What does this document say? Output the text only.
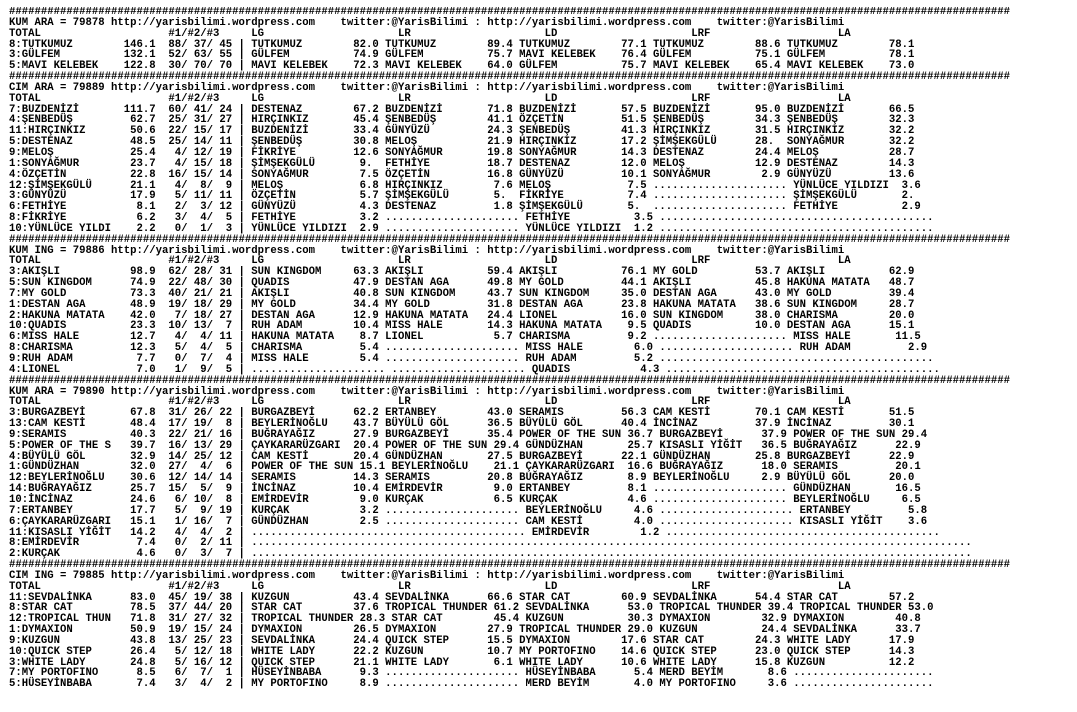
#############################################################################################################################################################
KUM ARA = 79878 http://yarisbilimi.wordpress.com    twitter:@YarisBilimi : http://yarisbilimi.wordpress.com    twitter:@YarisBilimi
TOTAL                    #1/#2/#3     LG                     LR                     LD                     LRF                    LA
8:TUTKUMUZ        146.1  88/ 37/ 45 | TUTKUMUZ        82.0 TUTKUMUZ        89.4 TUTKUMUZ        77.1 TUTKUMUZ        88.6 TUTKUMUZ        78.1
3:GÜLFEM          132.1  52/ 63/ 55 | GÜLFEM          74.9 GÜLFEM          75.7 MAVI KELEBEK    76.4 GÜLFEM          75.1 GÜLFEM          78.1
5:MAVI KELEBEK    122.8  30/ 70/ 70 | MAVI KELEBEK    72.3 MAVI KELEBEK    64.0 GÜLFEM          75.7 MAVI KELEBEK    65.4 MAVI KELEBEK    73.0
#############################################################################################################################################################
CIM ARA = 79889 http://yarisbilimi.wordpress.com    twitter:@YarisBilimi : http://yarisbilimi.wordpress.com    twitter:@YarisBilimi
TOTAL                    #1/#2/#3     LG                     LR                     LD                     LRF                    LA
7:BUZDENİZİ       111.7  60/ 41/ 24 | DESTENAZ        67.2 BUZDENİZİ       71.8 BUZDENİZİ       57.5 BUZDENİZİ       95.0 BUZDENİZİ       66.5
4:ŞENBEDÜŞ         62.7  25/ 31/ 27 | HIRÇINKIZ       45.4 ŞENBEDÜŞ        41.1 ÖZÇETİN         51.5 ŞENBEDÜŞ        34.3 ŞENBEDÜŞ        32.3
11:HIRÇINKIZ       50.6  22/ 15/ 17 | BUZDENİZİ       33.4 GÜNYÜZÜ         24.3 ŞENBEDÜŞ        41.3 HIRÇINKIZ       31.5 HIRÇINKIZ       32.2
5:DESTENAZ         48.5  25/ 14/ 11 | ŞENBEDÜŞ        30.8 MELOŞ           21.9 HIRÇINKIZ       17.2 ŞİMŞEKGÜLÜ      28.  SONYAĞMUR       32.2
9:MELOŞ            25.4   4/ 12/ 19 | FİKRİYE         12.6 SONYAĞMUR       19.8 SONYAĞMUR       14.3 DESTENAZ        24.4 MELOŞ           28.7
1:SONYAĞMUR        23.7   4/ 15/ 18 | ŞİMŞEKGÜLÜ       9.  FETHİYE         18.7 DESTENAZ        12.0 MELOŞ           12.9 DESTENAZ        14.3
4:ÖZÇETİN          22.8  16/ 15/ 14 | SONYAĞMUR        7.5 ÖZÇETİN         16.8 GÜNYÜZÜ         10.1 SONYAĞMUR        2.9 GÜNYÜZÜ         13.6
12:ŞİMŞEKGÜLÜ      21.1   4/  8/  9 | MELOŞ            6.8 HIRÇINKIZ        7.6 MELOŞ            7.5 ..................... YÜNLÜCE YILDIZI  3.6
3:GÜNYÜZÜ          17.9   5/ 11/ 11 | ÖZÇETİN          5.7 ŞİMŞEKGÜLÜ       5.  FİKRİYE          7.4 ..................... ŞİMŞEKGÜLÜ       2.
6:FETHİYE           8.1   2/  3/ 12 | GÜNYÜZÜ          4.3 DESTENAZ         1.8 ŞİMŞEKGÜLÜ       5.  ..................... FETHİYE          2.9
8:FİKRİYE           6.2   3/  4/  5 | FETHİYE          3.2 ..................... FETHİYE          3.5 ...........................................
10:YÜNLÜCE YILDI    2.2   0/  1/  3 | YÜNLÜCE YILDIZI  2.9 ..................... YÜNLÜCE YILDIZI  1.2 ...........................................
#############################################################################################################################################################
KUM ING = 79886 http://yarisbilimi.wordpress.com    twitter:@YarisBilimi : http://yarisbilimi.wordpress.com    twitter:@YarisBilimi
TOTAL                    #1/#2/#3     LG                     LR                     LD                     LRF                    LA
3:AKIŞLI           98.9  62/ 28/ 31 | SUN KINGDOM     63.3 AKIŞLI          59.4 AKIŞLI          76.1 MY GOLD         53.7 AKIŞLI          62.9
5:SUN KINGDOM      74.9  22/ 48/ 30 | QUADIS          47.9 DESTAN AGA      49.8 MY GOLD         44.1 AKIŞLI          45.8 HAKUNA MATATA   48.7
7:MY GOLD          73.3  40/ 21/ 21 | AKIŞLI          40.8 SUN KINGDOM     43.7 SUN KINGDOM     35.0 DESTAN AGA      43.0 MY GOLD         39.4
1:DESTAN AGA       48.9  19/ 18/ 29 | MY GOLD         34.4 MY GOLD         31.8 DESTAN AGA      23.8 HAKUNA MATATA   38.6 SUN KINGDOM     28.7
2:HAKUNA MATATA    42.0   7/ 18/ 27 | DESTAN AGA      12.9 HAKUNA MATATA   24.4 LIONEL          16.0 SUN KINGDOM     38.0 CHARISMA        20.0
10:QUADIS          23.3  10/ 13/  7 | RUH ADAM        10.4 MISS HALE       14.3 HAKUNA MATATA    9.5 QUADIS          10.0 DESTAN AGA      15.1
6:MISS HALE        12.7   4/  4/ 11 | HAKUNA MATATA    8.7 LIONEL           5.7 CHARISMA         9.2 ..................... MISS HALE       11.5
8:CHARISMA         12.3   5/  4/  5 | CHARISMA         5.4 ..................... MISS HALE        6.0 ..................... RUH ADAM         2.9
9:RUH ADAM          7.7   0/  7/  4 | MISS HALE        5.4 ..................... RUH ADAM         5.2 ...........................................
4:LIONEL            7.0   1/  9/  5 | ..................... ..................... QUADIS           4.3 ...........................................
#############################################################################################################################################################
KUM ARA = 79890 http://yarisbilimi.wordpress.com    twitter:@YarisBilimi : http://yarisbilimi.wordpress.com    twitter:@YarisBilimi
TOTAL                    #1/#2/#3     LG                     LR                     LD                     LRF                    LA
3:BURGAZBEYİ       67.8  31/ 26/ 22 | BURGAZBEYİ      62.2 ERTANBEY        43.0 SERAMIS         56.3 CAM KESTİ       70.1 CAM KESTİ       51.5
13:CAM KESTİ       48.4  17/ 19/  8 | BEYLERİNOĞLU    43.7 BÜYÜLÜ GÖL      36.5 BÜYÜLÜ GÖL      40.4 İNCİNAZ         37.9 İNCİNAZ         30.1
9:SERAMIS          40.3  22/ 21/ 16 | BUĞRAYAĞIZ      27.9 BURGAZBEYİ      35.4 POWER OF THE SUN 36.7 BURGAZBEYİ      37.9 POWER OF THE SUN 29.4
5:POWER OF THE S   39.7  16/ 13/ 29 | ÇAYKARARÜZGARI  20.4 POWER OF THE SUN 29.4 GÜNDÜZHAN       25.7 KISASLI YİĞİT   36.5 BUĞRAYAĞIZ      22.9
4:BÜYÜLÜ GÖL       32.9  14/ 25/ 12 | CAM KESTİ       20.4 GÜNDÜZHAN       27.5 BURGAZBEYİ      22.1 GÜNDÜZHAN       25.8 BURGAZBEYİ      22.9
1:GÜNDÜZHAN        32.0  27/  4/  6 | POWER OF THE SUN 15.1 BEYLERİNOĞLU    21.1 ÇAYKARARÜZGARI  16.6 BUĞRAYAĞIZ      18.0 SERAMIS         20.1
12:BEYLERİNOĞLU    30.6  12/ 14/ 14 | SERAMIS         14.3 SERAMIS         20.8 BUĞRAYAĞIZ       8.9 BEYLERİNOĞLU     2.9 BÜYÜLÜ GÖL      20.0
14:BUĞRAYAĞIZ      25.7  15/  5/  9 | İNCİNAZ         10.4 EMİRDEVİR        9.0 ERTANBEY         8.1 ..................... GÜNDÜZHAN       16.5
10:İNCİNAZ         24.6   6/ 10/  8 | EMİRDEVİR        9.0 KURÇAK           6.5 KURÇAK           4.6 ..................... BEYLERİNOĞLU     6.5
7:ERTANBEY         17.7   5/  9/ 19 | KURÇAK           3.2 ..................... BEYLERİNOĞLU     4.6 ..................... ERTANBEY         5.8
6:ÇAYKARARÜZGARI   15.1   1/ 16/  7 | GÜNDÜZHAN        2.5 ..................... CAM KESTİ        4.0 ..................... KISASLI YİĞİT    3.6
11:KISASLI YİĞİT   14.2   4/  4/  2 | ........................................... EMİRDEVİR        1.2 ...........................................
8:EMİRDEVİR         7.4   0/  2/ 11 | .................................................................................................................
2:KURÇAK            4.6   0/  3/  7 | .................................................................................................................
#############################################################################################################################################################
CIM ING = 79885 http://yarisbilimi.wordpress.com    twitter:@YarisBilimi : http://yarisbilimi.wordpress.com    twitter:@YarisBilimi
TOTAL                    #1/#2/#3     LG                     LR                     LD                     LRF                    LA
11:SEVDALİNKA      83.0  45/ 19/ 38 | KUZGUN          43.4 SEVDALİNKA      66.6 STAR CAT        60.9 SEVDALİNKA      54.4 STAR CAT        57.2
8:STAR CAT         78.5  37/ 44/ 20 | STAR CAT        37.6 TROPICAL THUNDER 61.2 SEVDALİNKA      53.0 TROPICAL THUNDER 39.4 TROPICAL THUNDER 53.0
12:TROPICAL THUN   71.8  31/ 27/ 32 | TROPICAL THUNDER 28.3 STAR CAT        45.4 KUZGUN          30.3 DYMAXION        32.9 DYMAXION        40.8
1:DYMAXION         50.9  19/ 15/ 24 | DYMAXION        26.5 DYMAXION        27.9 TROPICAL THUNDER 29.0 KUZGUN          24.4 SEVDALİNKA      33.7
9:KUZGUN           43.8  13/ 25/ 23 | SEVDALİNKA      24.4 QUICK STEP      15.5 DYMAXION        17.6 STAR CAT        24.3 WHITE LADY      17.9
10:QUICK STEP      26.4   5/ 12/ 18 | WHITE LADY      22.2 KUZGUN          10.7 MY PORTOFINO    14.6 QUICK STEP      23.0 QUICK STEP      14.3
3:WHITE LADY       24.8   5/ 16/ 12 | QUICK STEP      21.1 WHITE LADY       6.1 WHITE LADY      10.6 WHITE LADY      15.8 KUZGUN          12.2
7:MY PORTOFINO      8.5   6/  7/  1 | HÜSEYİNBABA      9.3 ..................... HÜSEYİNBABA      5.4 MERD BEYİM       8.6 ......................
5:HÜSEYİNBABA       7.4   3/  4/  2 | MY PORTOFINO     8.9 ..................... MERD BEYİM       4.0 MY PORTOFINO     3.6 ......................
